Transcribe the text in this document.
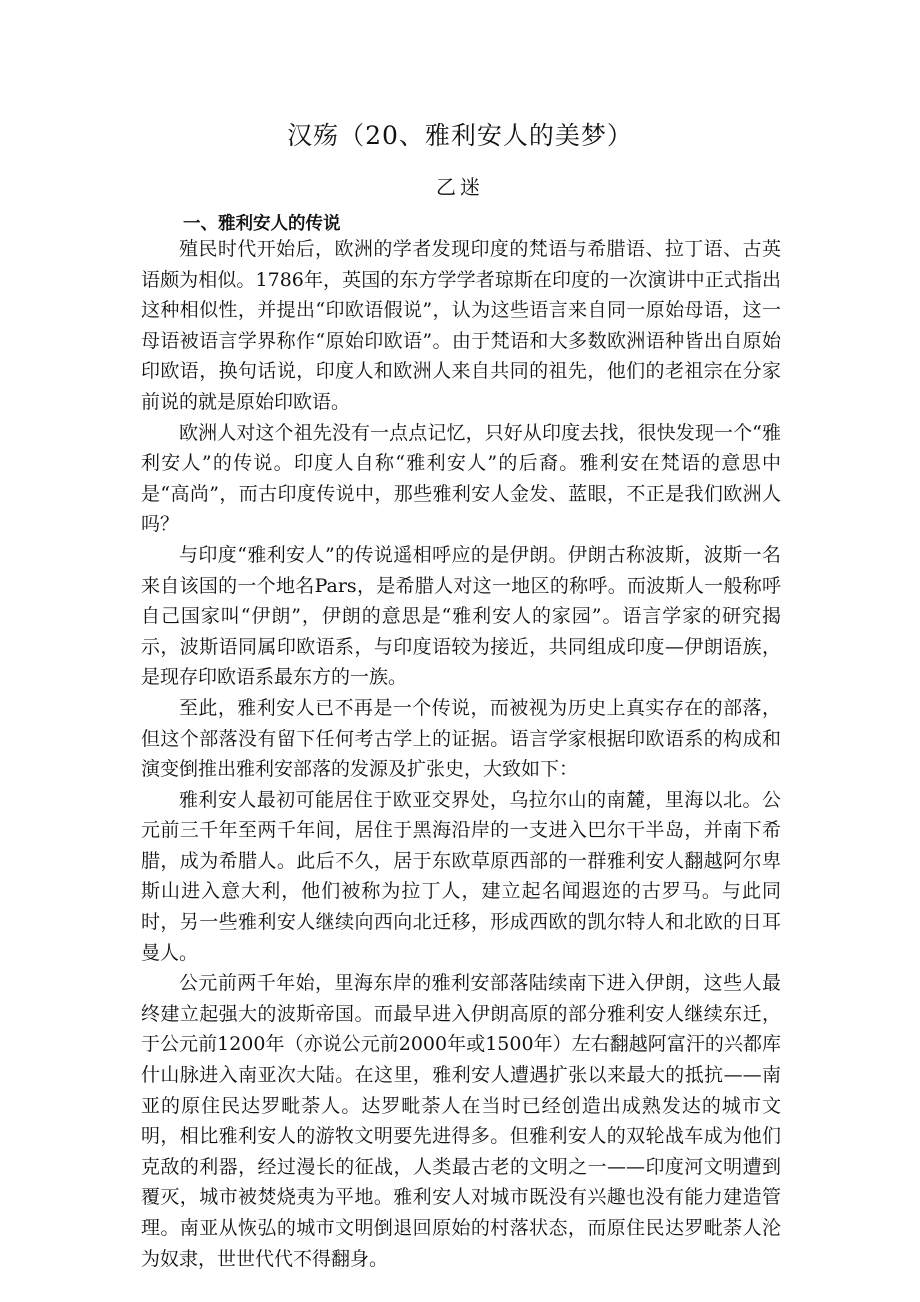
汉殇（20、雅利安人的美梦）
乙迷
一、雅利安人的传说

殖民时代开始后，欧洲的学者发现印度的梵语与希腊语、拉丁语、古英语颇为相似。1786年，英国的东方学学者琼斯在印度的一次演讲中正式指出这种相似性，并提出“印欧语假说”，认为这些语言来自同一原始母语，这一母语被语言学界称作“原始印欧语”。由于梵语和大多数欧洲语种皆出自原始印欧语，换句话说，印度人和欧洲人来自共同的祖先，他们的老祖宗在分家前说的就是原始印欧语。

欧洲人对这个祖先没有一点点记忆，只好从印度去找，很快发现一个“雅利安人”的传说。印度人自称“雅利安人”的后裔。雅利安在梵语的意思中是“高尚”，而古印度传说中，那些雅利安人金发、蓝眼，不正是我们欧洲人吗？

与印度“雅利安人”的传说遥相呼应的是伊朗。伊朗古称波斯，波斯一名来自该国的一个地名Pars，是希腊人对这一地区的称呼。而波斯人一般称呼自己国家叫“伊朗”，伊朗的意思是“雅利安人的家园”。语言学家的研究揭示，波斯语同属印欧语系，与印度语较为接近，共同组成印度—伊朗语族，是现存印欧语系最东方的一族。

至此，雅利安人已不再是一个传说，而被视为历史上真实存在的部落，但这个部落没有留下任何考古学上的证据。语言学家根据印欧语系的构成和演变倒推出雅利安部落的发源及扩张史，大致如下：

雅利安人最初可能居住于欧亚交界处，乌拉尔山的南麓，里海以北。公元前三千年至两千年间，居住于黑海沿岸的一支进入巴尔干半岛，并南下希腊，成为希腊人。此后不久，居于东欧草原西部的一群雅利安人翻越阿尔卑斯山进入意大利，他们被称为拉丁人，建立起名闻遐迩的古罗马。与此同时，另一些雅利安人继续向西向北迁移，形成西欧的凯尔特人和北欧的日耳曼人。

公元前两千年始，里海东岸的雅利安部落陆续南下进入伊朗，这些人最终建立起强大的波斯帝国。而最早进入伊朗高原的部分雅利安人继续东迁，于公元前1200年（亦说公元前2000年或1500年）左右翻越阿富汗的兴都库什山脉进入南亚次大陆。在这里，雅利安人遭遇扩张以来最大的抵抗——南亚的原住民达罗毗荼人。达罗毗荼人在当时已经创造出成熟发达的城市文明，相比雅利安人的游牧文明要先进得多。但雅利安人的双轮战车成为他们克敌的利器，经过漫长的征战，人类最古老的文明之一——印度河文明遭到覆灭，城市被焚烧夷为平地。雅利安人对城市既没有兴趣也没有能力建造管理。南亚从恢弘的城市文明倒退回原始的村落状态，而原住民达罗毗荼人沦为奴隶，世世代代不得翻身。
